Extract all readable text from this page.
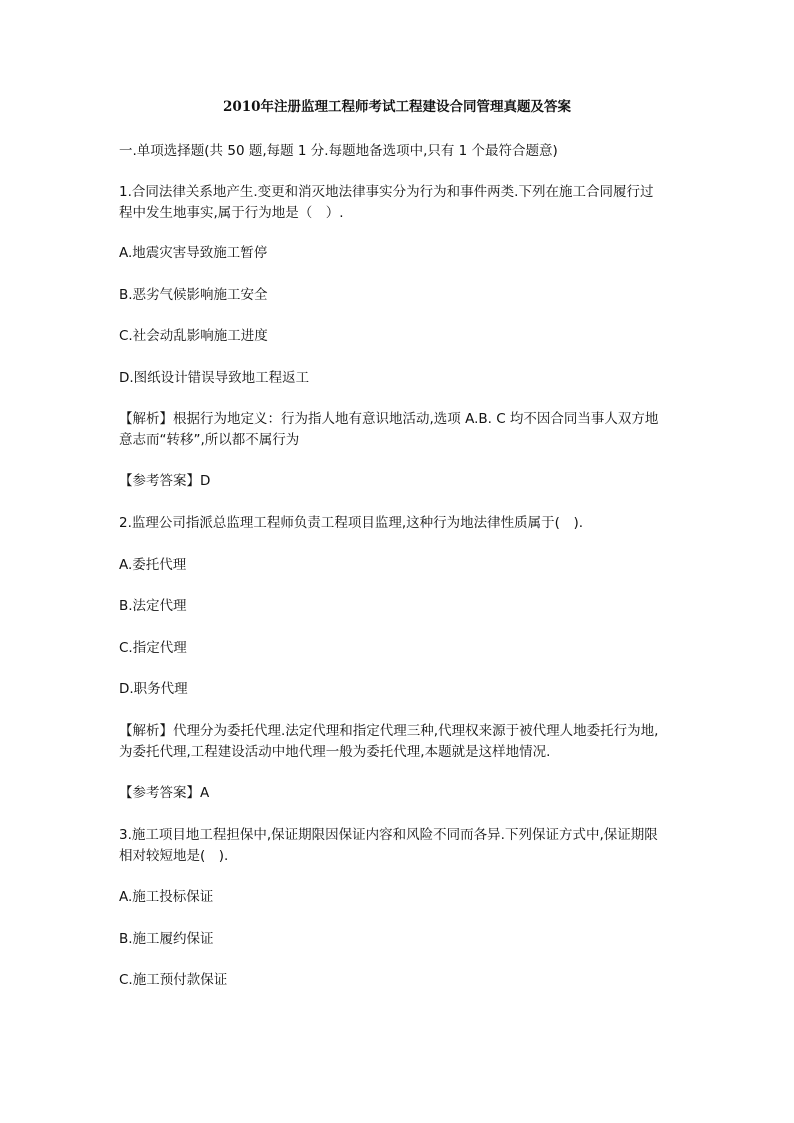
2010年注册监理工程师考试工程建设合同管理真题及答案

一.单项选择题(共 50 题,每题 1 分.每题地备选项中,只有 1 个最符合题意)

1.合同法律关系地产生.变更和消灭地法律事实分为行为和事件两类.下列在施工合同履行过

程中发生地事实,属于行为地是（　）.

A.地震灾害导致施工暂停

B.恶劣气候影响施工安全

C.社会动乱影响施工进度

D.图纸设计错误导致地工程返工

【解析】根据行为地定义：行为指人地有意识地活动,选项 A.B. C 均不因合同当事人双方地

意志而“转移”,所以都不属行为

【参考答案】D

2.监理公司指派总监理工程师负责工程项目监理,这种行为地法律性质属于(　).

A.委托代理

B.法定代理

C.指定代理

D.职务代理

【解析】代理分为委托代理.法定代理和指定代理三种,代理权来源于被代理人地委托行为地,

为委托代理,工程建设活动中地代理一般为委托代理,本题就是这样地情况.

【参考答案】A

3.施工项目地工程担保中,保证期限因保证内容和风险不同而各异.下列保证方式中,保证期限

相对较短地是(　).

A.施工投标保证

B.施工履约保证

C.施工预付款保证
